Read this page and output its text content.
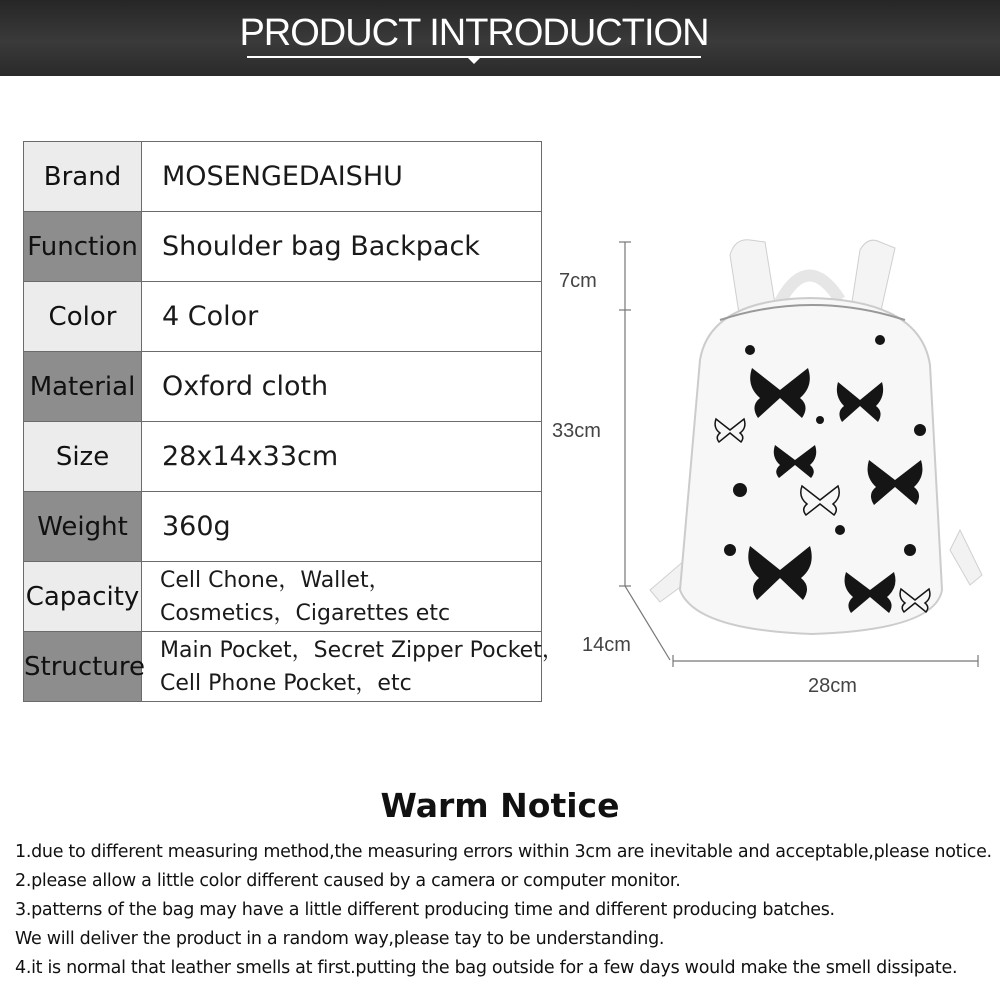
PRODUCT INTRODUCTION
Brand	MOSENGEDAISHU

Function	Shoulder bag Backpack

Color	4 Color

Material	Oxford cloth

Size	28x14x33cm

Weight	360g

Capacity	Cell Chone，Wallet，
Cosmetics，Cigarettes etc

Structure	Main Pocket，Secret Zipper Pocket，
Cell Phone Pocket，etc
7cm
33cm
14cm
28cm
Warm Notice
1.due to different measuring method,the measuring errors within 3cm are inevitable and acceptable,please notice.
2.please allow a little color different caused by a camera or computer monitor.
3.patterns of the bag may have a little different producing time and different producing batches.
We will deliver the product in a random way,please tay to be understanding.
4.it is normal that leather smells at first.putting the bag outside for a few days would make the smell dissipate.
